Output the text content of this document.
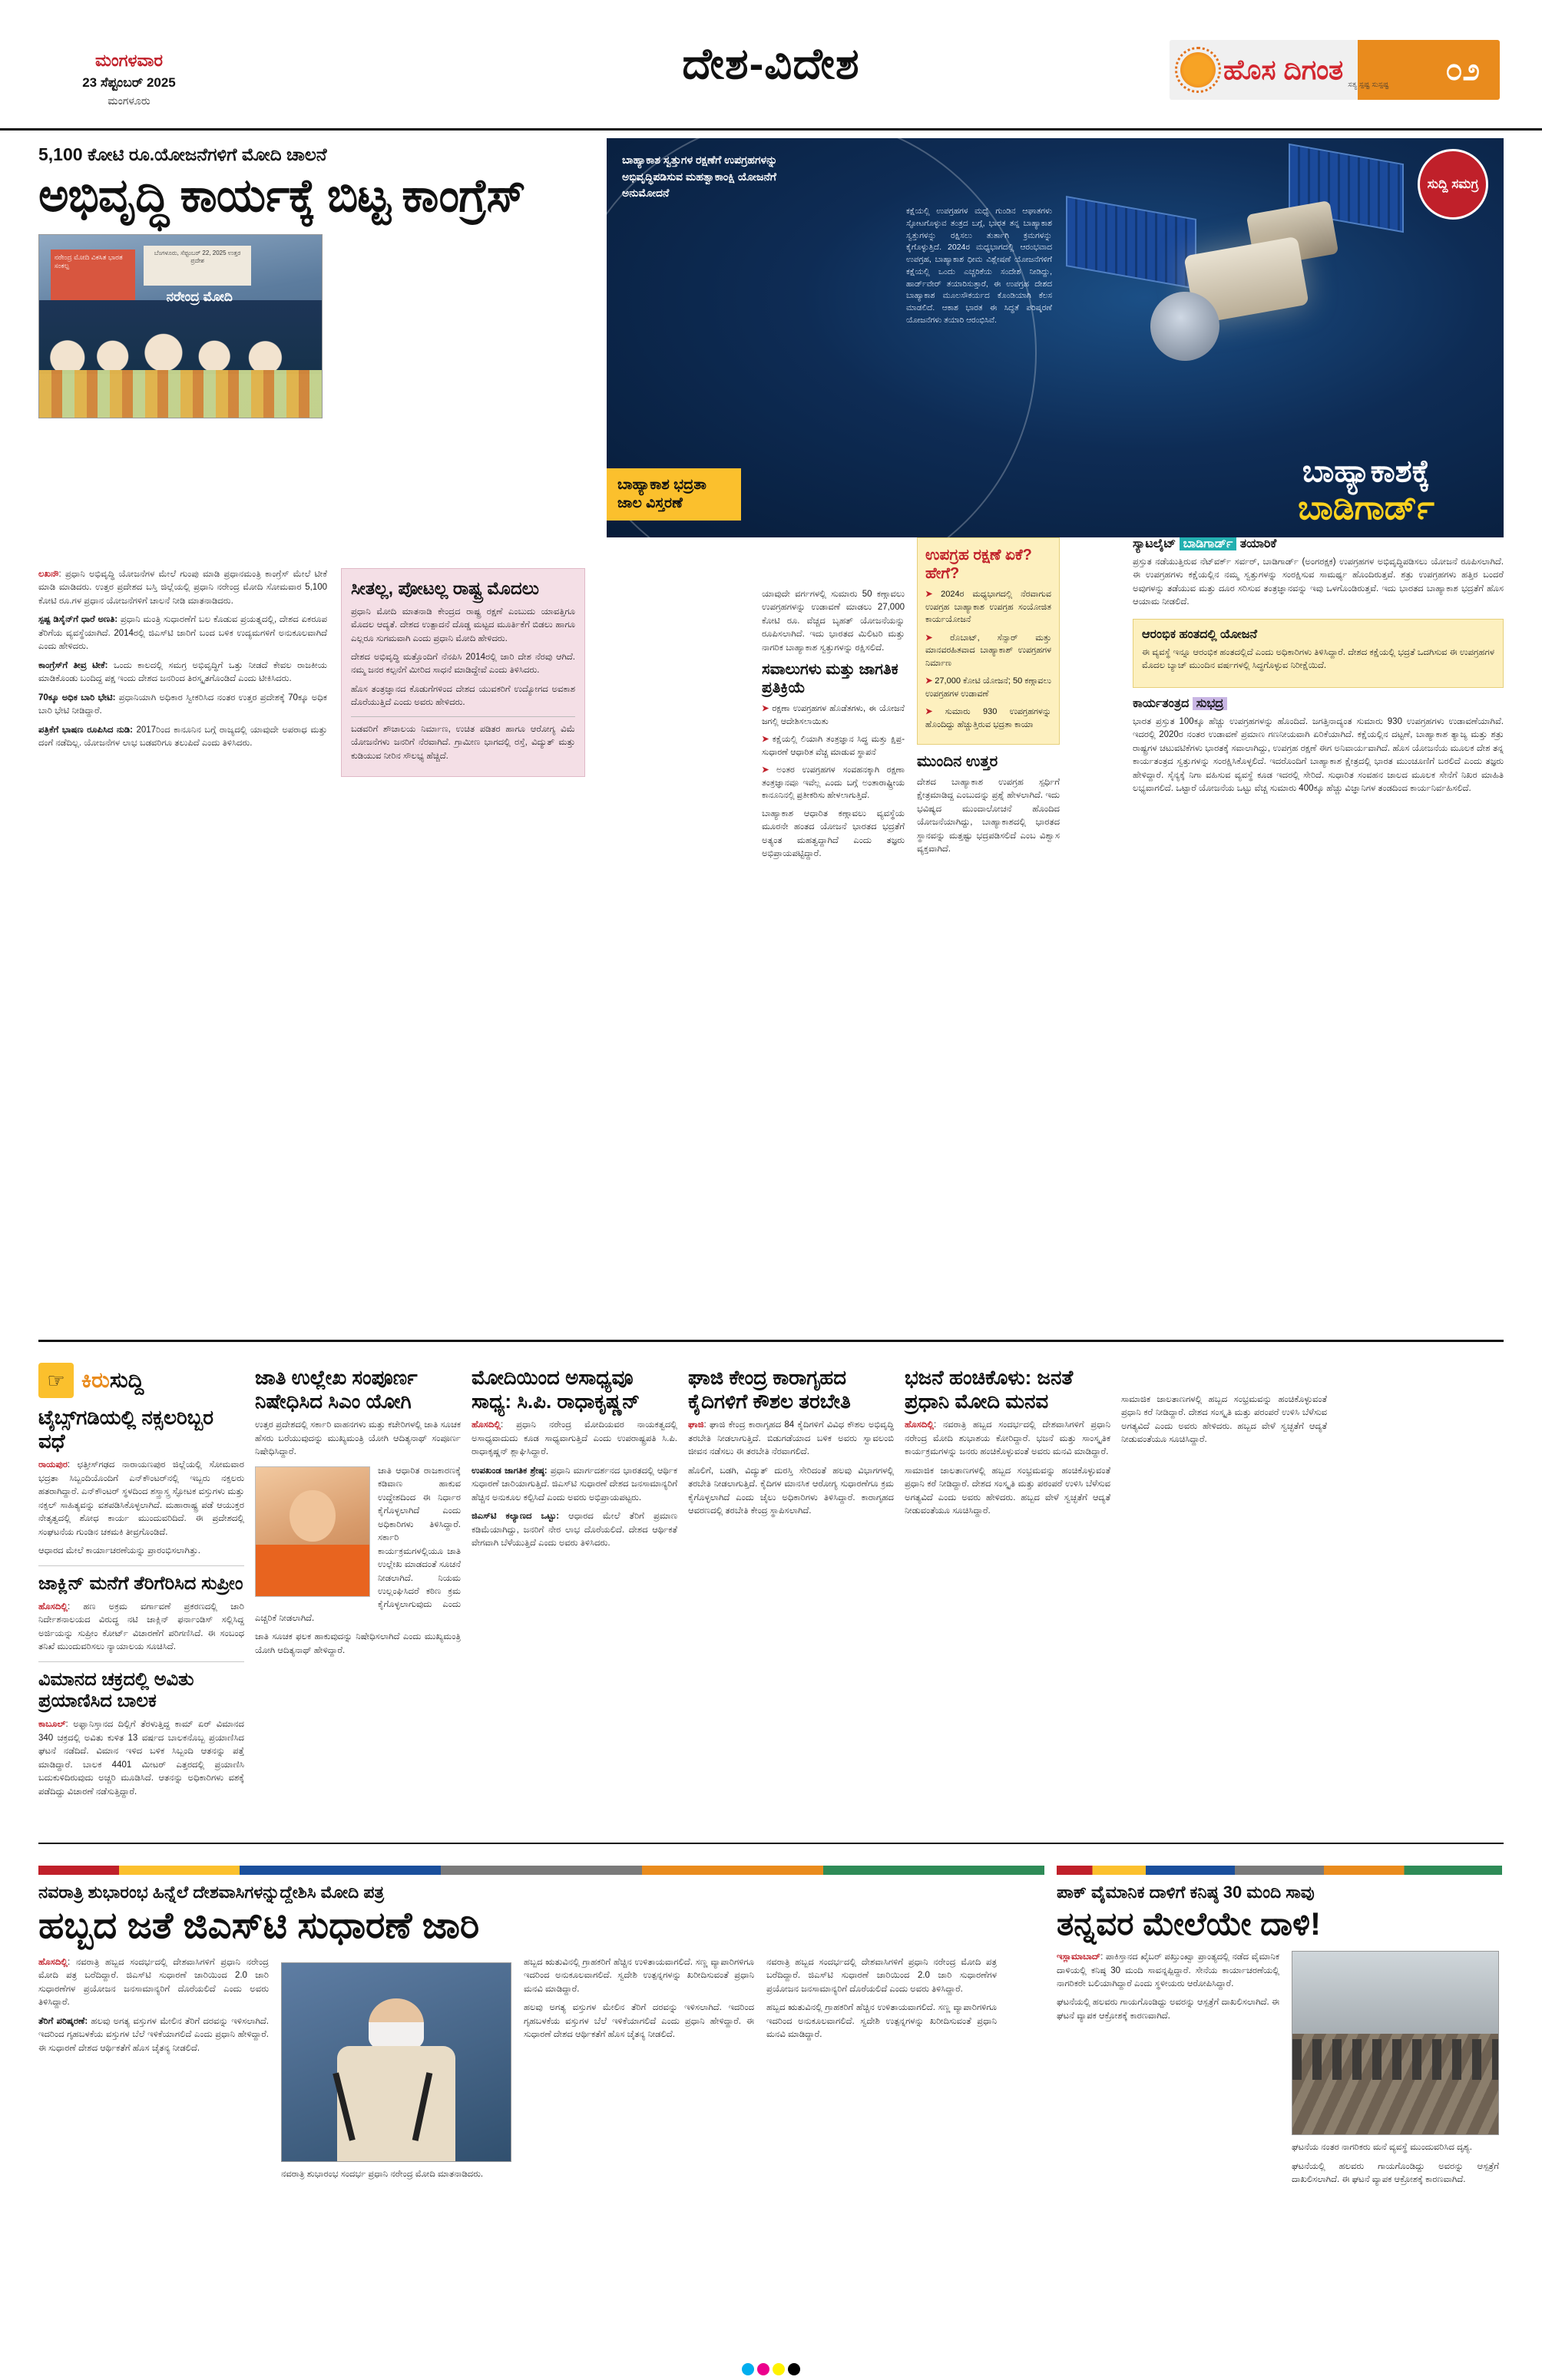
ಮಂಗಳವಾರ
23 ಸೆಪ್ಟಂಬರ್ 2025
ಮಂಗಳೂರು
ದೇಶ-ವಿದೇಶ	ಹೊಸ ದಿಗಂತ ಸತ್ಯ ಸ್ಪಷ್ಟ ಸುಸ್ಪಷ್ಟ ೦೨
5,100 ಕೋಟಿ ರೂ.ಯೋಜನೆಗಳಿಗೆ ಮೋದಿ ಚಾಲನೆ
ಅಭಿವೃದ್ಧಿ ಕಾರ್ಯಕ್ಕೆ ಬಿಟ್ಟ ಕಾಂಗ್ರೆಸ್
ನರೇಂದ್ರ ಮೋದಿ ವಿಕಸಿತ ಭಾರತ ಸಂಕಲ್ಪ
ಬೆಂಗಳೂರು, ಸೆಪ್ಟಂಬರ್ 22, 2025 ಉತ್ತರ ಪ್ರದೇಶ
ನರೇಂದ್ರ ಮೋದಿ

ಲಖನೌ: ಪ್ರಧಾನಿ ಅಭಿವೃದ್ಧಿ ಯೋಜನೆಗಳ ಮೇಲೆ ಗುಂಪು ಮಾಡಿ ಪ್ರಧಾನಮಂತ್ರಿ ಕಾಂಗ್ರೆಸ್ ಮೇಲೆ ಟೀಕೆ ಮಾಡಿ ಮಾಡಿದರು. ಉತ್ತರ ಪ್ರದೇಶದ ಬಸ್ತಿ ಜಿಲ್ಲೆಯಲ್ಲಿ ಪ್ರಧಾನಿ ನರೇಂದ್ರ ಮೋದಿ ಸೋಮವಾರ 5,100 ಕೋಟಿ ರೂ.ಗಳ ಪ್ರಧಾನ ಯೋಜನೆಗಳಿಗೆ ಚಾಲನೆ ನೀಡಿ ಮಾತನಾಡಿದರು.

ಸ್ಪಷ್ಟ ಡಿಸೈನ್‌ಗೆ ಧಾರೆ ಅಣತಿ: ಪ್ರಧಾನಿ ಮಂತ್ರಿ ಸುಧಾರಣೆಗೆ ಬಲ ಕೊಡುವ ಪ್ರಯತ್ನದಲ್ಲಿ, ದೇಶದ ಏಕರೂಪ ತೆರಿಗೆಯ ವ್ಯವಸ್ಥೆಯಾಗಿದೆ. 2014ರಲ್ಲಿ ಜಿಎಸ್‌ಟಿ ಜಾರಿಗೆ ಬಂದ ಬಳಿಕ ಉದ್ಯಮಗಳಿಗೆ ಅನುಕೂಲವಾಗಿದೆ ಎಂದು ಹೇಳಿದರು.

ಕಾಂಗ್ರೆಸ್‌ಗೆ ತೀವ್ರ ಟೀಕೆ: ಒಂದು ಕಾಲದಲ್ಲಿ ಸಮಗ್ರ ಅಭಿವೃದ್ಧಿಗೆ ಒತ್ತು ನೀಡದೆ ಕೇವಲ ರಾಜಕೀಯ ಮಾಡಿಕೊಂಡು ಬಂದಿದ್ದ ಪಕ್ಷ ಇಂದು ದೇಶದ ಜನರಿಂದ ತಿರಸ್ಕೃತಗೊಂಡಿದೆ ಎಂದು ಟೀಕಿಸಿದರು.

70ಕ್ಕೂ ಅಧಿಕ ಬಾರಿ ಭೇಟಿ: ಪ್ರಧಾನಿಯಾಗಿ ಅಧಿಕಾರ ಸ್ವೀಕರಿಸಿದ ನಂತರ ಉತ್ತರ ಪ್ರದೇಶಕ್ಕೆ 70ಕ್ಕೂ ಅಧಿಕ ಬಾರಿ ಭೇಟಿ ನೀಡಿದ್ದಾರೆ.

ಪತ್ರಿಕೆಗೆ ಭಾಷಣ ರೂಪಿಸಿದ ನುಡಿ: 2017ರಿಂದ ಕಾನೂನಿನ ಬಗ್ಗೆ ರಾಜ್ಯದಲ್ಲಿ ಯಾವುದೇ ಅಪರಾಧ ಮತ್ತು ದಂಗೆ ನಡೆದಿಲ್ಲ. ಯೋಜನೆಗಳ ಲಾಭ ಬಡವರಿಗೂ ತಲುಪಿದೆ ಎಂದು ತಿಳಿಸಿದರು.

ಸೀತಲ್ಲ, ಪೋಟಲ್ಲ ರಾಷ್ಟ್ರ ಮೊದಲು

ಪ್ರಧಾನಿ ಮೋದಿ ಮಾತನಾಡಿ ಕೇಂದ್ರದ ರಾಷ್ಟ್ರ ರಕ್ಷಣೆ ಎಂಬುದು ಯಾವತ್ತಿಗೂ ಮೊದಲ ಆದ್ಯತೆ. ದೇಶದ ಉತ್ಪಾದನೆ ದೊಡ್ಡ ಮಟ್ಟದ ಮೂರ್ತಿಕೆಗೆ ಬಿಡಲು ಹಾಗೂ ಎಲ್ಲರೂ ಸುಗಮವಾಗಿ ಎಂದು ಪ್ರಧಾನಿ ಮೋದಿ ಹೇಳಿದರು.

ದೇಶದ ಅಭಿವೃದ್ಧಿ ಮತ್ತೊಂದಿಗೆ ನೆನಪಿಸಿ 2014ರಲ್ಲಿ ಜಾರಿ ದೇಶ ನೆರವು ಆಗಿದೆ. ನಮ್ಮ ಜನರ ಕಲ್ಪನೆಗೆ ಮೀರಿದ ಸಾಧನೆ ಮಾಡಿದ್ದೇವೆ ಎಂದು ತಿಳಿಸಿದರು.

ಹೊಸ ತಂತ್ರಜ್ಞಾನದ ಕೊಡುಗೆಗಳಿಂದ ದೇಶದ ಯುವಕರಿಗೆ ಉದ್ಯೋಗದ ಅವಕಾಶ ದೊರೆಯುತ್ತಿದೆ ಎಂದು ಅವರು ಹೇಳಿದರು.

ಬಡವರಿಗೆ ಶೌಚಾಲಯ ನಿರ್ಮಾಣ, ಉಚಿತ ಪಡಿತರ ಹಾಗೂ ಆರೋಗ್ಯ ವಿಮೆ ಯೋಜನೆಗಳು ಜನರಿಗೆ ನೆರವಾಗಿದೆ. ಗ್ರಾಮೀಣ ಭಾಗದಲ್ಲಿ ರಸ್ತೆ, ವಿದ್ಯುತ್ ಮತ್ತು ಕುಡಿಯುವ ನೀರಿನ ಸೌಲಭ್ಯ ಹೆಚ್ಚಿದೆ.

ಬಾಹ್ಯಾಕಾಶ ಸ್ವತ್ತುಗಳ ರಕ್ಷಣೆಗೆ ಉಪಗ್ರಹಗಳನ್ನು ಅಭಿವೃದ್ಧಿಪಡಿಸುವ ಮಹತ್ವಾಕಾಂಕ್ಷಿ ಯೋಜನೆಗೆ ಅನುಮೋದನೆ
ಕಕ್ಷೆಯಲ್ಲಿ ಉಪಗ್ರಹಗಳ ಮಧ್ಯೆ ಗುಂಡಿನ ಆಘಾತಗಳು ಸ್ಫೋಟಗೊಳ್ಳುವ ತಂತ್ರದ ಬಗ್ಗೆ, ಭಾರತ ತನ್ನ ಬಾಹ್ಯಾಕಾಶ ಸ್ವತ್ತುಗಳನ್ನು ರಕ್ಷಿಸಲು ತುರ್ತಾಗಿ ಕ್ರಮಗಳನ್ನು ಕೈಗೊಳ್ಳುತ್ತಿದೆ. 2024ರ ಮಧ್ಯಭಾಗದಲ್ಲಿ ಆರಂಭವಾದ ಉಪಗ್ರಹ, ಬಾಹ್ಯಾಕಾಶ ಧೀಮ ವಿಶ್ಲೇಷಣೆ ಯೋಜನೆಗಳಿಗೆ ಕಕ್ಷೆಯಲ್ಲಿ ಒಂದು ಎಚ್ಚರಿಕೆಯ ಸಂದೇಶ ನೀಡಿದ್ದು, ಹಾರ್ಡ್‌ವೇರ್ ತಯಾರಿಸುತ್ತಾರೆ, ಈ ಉಪಗ್ರಹ ದೇಶದ ಬಾಹ್ಯಾಕಾಶ ಮೂಲಸೌಕರ್ಯದ ಕೊಂಡಿಯಾಗಿ ಕೆಲಸ ಮಾಡಲಿದೆ. ಆಕಾಶ ಭಾರತ ಈ ಸಿದ್ಧತೆ ಪರಿಷ್ಕರಣೆ ಯೋಜನೆಗಳು ತಯಾರಿ ಆರಂಭಿಸಿವೆ.
ಸುದ್ದಿ ಸಮಗ್ರ
ಬಾಹ್ಯಾಕಾಶಕ್ಕೆ
ಬಾಡಿಗಾರ್ಡ್
ಬಾಹ್ಯಾಕಾಶ ಭದ್ರತಾ ಜಾಲ ವಿಸ್ತರಣೆ

ಯಾವುದೇ ವರ್ಗಗಳಲ್ಲಿ ಸುಮಾರು 50 ಕಣ್ಗಾವಲು ಉಪಗ್ರಹಗಳನ್ನು ಉಡಾವಣೆ ಮಾಡಲು 27,000 ಕೋಟಿ ರೂ. ವೆಚ್ಚದ ಬೃಹತ್ ಯೋಜನೆಯನ್ನು ರೂಪಿಸಲಾಗಿದೆ. ಇದು ಭಾರತದ ಮಿಲಿಟರಿ ಮತ್ತು ನಾಗರಿಕ ಬಾಹ್ಯಾಕಾಶ ಸ್ವತ್ತುಗಳನ್ನು ರಕ್ಷಿಸಲಿದೆ.

ಸವಾಲುಗಳು ಮತ್ತು ಜಾಗತಿಕ ಪ್ರತಿಕ್ರಿಯೆ
➤ ರಕ್ಷಣಾ ಉಪಗ್ರಹಗಳ ಹೊಡೆತಗಳು, ಈ ಯೋಜನೆ ಜಗಲ್ಲಿ ಆದೇಶಿಸಲಾಯಿತು
➤ ಕಕ್ಷೆಯಲ್ಲಿ ಲಿಯಾಗಿ ತಂತ್ರಜ್ಞಾನ ಸಿದ್ಧ ಮತ್ತು ಕ್ಷಿಪ್ರ-ಸುಧಾರಣೆ ಆಧಾರಿತ ವೆಚ್ಚ ಮಾಡುವ ಸ್ಥಾಪನೆ
➤ ಅಂತರ ಉಪಗ್ರಹಗಳ ಸಂವಹನಕ್ಕಾಗಿ ರಕ್ಷಣಾ ತಂತ್ರಜ್ಞಾನವೂ ಇವೆಲ್ಲ ಎಂದು ಬಗ್ಗೆ ಅಂತಾರಾಷ್ಟ್ರೀಯ ಕಾನೂನಿನಲ್ಲಿ ಪ್ರತೀಕರಿಸು ಹೇಳಲಾಗುತ್ತಿದೆ.

ಬಾಹ್ಯಾಕಾಶ ಆಧಾರಿತ ಕಣ್ಗಾವಲು ವ್ಯವಸ್ಥೆಯ ಮೂರನೇ ಹಂತದ ಯೋಜನೆ ಭಾರತದ ಭದ್ರತೆಗೆ ಅತ್ಯಂತ ಮಹತ್ವದ್ದಾಗಿದೆ ಎಂದು ತಜ್ಞರು ಅಭಿಪ್ರಾಯಪಟ್ಟಿದ್ದಾರೆ.

ಉಪಗ್ರಹ ರಕ್ಷಣೆ ಏಕೆ? ಹೇಗೆ?
➤ 2024ರ ಮಧ್ಯಭಾಗದಲ್ಲಿ ನೆರವಾಗುವ ಉಪಗ್ರಹ ಬಾಹ್ಯಾಕಾಶ ಉಪಗ್ರಹ ಸಂಯೋಜಿತ ಕಾರ್ಯಯೋಜನೆ
➤ ರೊಬಾಟ್, ಸೆನ್ಸಾರ್ ಮತ್ತು ಮಾನವರಹಿತವಾದ ಬಾಹ್ಯಾಕಾಶ್ ಉಪಗ್ರಹಗಳ ನಿರ್ಮಾಣ
➤ 27,000 ಕೋಟಿ ಯೋಜನೆ; 50 ಕಣ್ಗಾವಲು ಉಪಗ್ರಹಗಳ ಉಡಾವಣೆ
➤ ಸುಮಾರು 930 ಉಪಗ್ರಹಗಳನ್ನು ಹೊಂದಿದ್ದು ಹೆಚ್ಚುತ್ತಿರುವ ಭದ್ರತಾ ಕಾಯಾ
ಮುಂದಿನ ಉತ್ತರ

ದೇಶದ ಬಾಹ್ಯಾಕಾಶ ಉಪಗ್ರಹ ಸ್ಪರ್ಧಿಗೆ ಕ್ಷೇತ್ರಮಾಡಿದ್ದ ಎಂಬುದನ್ನು ಪ್ರಶ್ನೆ ಹೇಳಲಾಗಿದೆ. ಇದು ಭವಿಷ್ಯದ ಮುಂದಾಲೋಚನೆ ಹೊಂದಿದ ಯೋಜನೆಯಾಗಿದ್ದು, ಬಾಹ್ಯಾಕಾಶದಲ್ಲಿ ಭಾರತದ ಸ್ಥಾನವನ್ನು ಮತ್ತಷ್ಟು ಭದ್ರಪಡಿಸಲಿದೆ ಎಂಬ ವಿಶ್ವಾಸ ವ್ಯಕ್ತವಾಗಿದೆ.

ಸ್ಯಾಟಲೈಟ್ ಬಾಡಿಗಾರ್ಡ್ ತಯಾರಿಕೆ

ಪ್ರಸ್ತುತ ನಡೆಯುತ್ತಿರುವ ನೆಟ್‌ವರ್ಕ್ ಸರ್ವರ್, ಬಾಡಿಗಾರ್ಡ್ (ಅಂಗರಕ್ಷಕ) ಉಪಗ್ರಹಗಳ ಅಭಿವೃದ್ಧಿಪಡಿಸಲು ಯೋಜನೆ ರೂಪಿಸಲಾಗಿದೆ. ಈ ಉಪಗ್ರಹಗಳು ಕಕ್ಷೆಯಲ್ಲಿನ ನಮ್ಮ ಸ್ವತ್ತುಗಳನ್ನು ಸಂರಕ್ಷಿಸುವ ಸಾಮರ್ಥ್ಯ ಹೊಂದಿರುತ್ತವೆ. ಶತ್ರು ಉಪಗ್ರಹಗಳು ಹತ್ತಿರ ಬಂದರೆ ಅವುಗಳನ್ನು ತಡೆಯುವ ಮತ್ತು ದೂರ ಸರಿಸುವ ತಂತ್ರಜ್ಞಾನವನ್ನು ಇವು ಒಳಗೊಂಡಿರುತ್ತವೆ. ಇದು ಭಾರತದ ಬಾಹ್ಯಾಕಾಶ ಭದ್ರತೆಗೆ ಹೊಸ ಆಯಾಮ ನೀಡಲಿದೆ.

ಆರಂಭಿಕ ಹಂತದಲ್ಲಿ ಯೋಜನೆ

ಈ ವ್ಯವಸ್ಥೆ ಇನ್ನೂ ಆರಂಭಿಕ ಹಂತದಲ್ಲಿದೆ ಎಂದು ಅಧಿಕಾರಿಗಳು ತಿಳಿಸಿದ್ದಾರೆ. ದೇಶದ ಕಕ್ಷೆಯಲ್ಲಿ ಭದ್ರತೆ ಒದಗಿಸುವ ಈ ಉಪಗ್ರಹಗಳ ಮೊದಲ ಬ್ಯಾಚ್ ಮುಂದಿನ ವರ್ಷಗಳಲ್ಲಿ ಸಿದ್ಧಗೊಳ್ಳುವ ನಿರೀಕ್ಷೆಯಿದೆ.

ಕಾರ್ಯತಂತ್ರದ ಸುಭದ್ರ

ಭಾರತ ಪ್ರಸ್ತುತ 100ಕ್ಕೂ ಹೆಚ್ಚು ಉಪಗ್ರಹಗಳನ್ನು ಹೊಂದಿದೆ. ಜಗತ್ತಿನಾದ್ಯಂತ ಸುಮಾರು 930 ಉಪಗ್ರಹಗಳು ಉಡಾವಣೆಯಾಗಿವೆ. ಇದರಲ್ಲಿ 2020ರ ನಂತರ ಉಡಾವಣೆ ಪ್ರಮಾಣ ಗಣನೀಯವಾಗಿ ಏರಿಕೆಯಾಗಿದೆ. ಕಕ್ಷೆಯಲ್ಲಿನ ದಟ್ಟಣೆ, ಬಾಹ್ಯಾಕಾಶ ತ್ಯಾಜ್ಯ ಮತ್ತು ಶತ್ರು ರಾಷ್ಟ್ರಗಳ ಚಟುವಟಿಕೆಗಳು ಭಾರತಕ್ಕೆ ಸವಾಲಾಗಿದ್ದು, ಉಪಗ್ರಹ ರಕ್ಷಣೆ ಈಗ ಅನಿವಾರ್ಯವಾಗಿದೆ. ಹೊಸ ಯೋಜನೆಯ ಮೂಲಕ ದೇಶ ತನ್ನ ಕಾರ್ಯತಂತ್ರದ ಸ್ವತ್ತುಗಳನ್ನು ಸಂರಕ್ಷಿಸಿಕೊಳ್ಳಲಿದೆ. ಇದರೊಂದಿಗೆ ಬಾಹ್ಯಾಕಾಶ ಕ್ಷೇತ್ರದಲ್ಲಿ ಭಾರತ ಮುಂಚೂಣಿಗೆ ಬರಲಿದೆ ಎಂದು ತಜ್ಞರು ಹೇಳಿದ್ದಾರೆ. ಸೈನ್ಯಕ್ಕೆ ನಿಗಾ ವಹಿಸುವ ವ್ಯವಸ್ಥೆ ಕೂಡ ಇದರಲ್ಲಿ ಸೇರಿದೆ. ಸುಧಾರಿತ ಸಂವಹನ ಜಾಲದ ಮೂಲಕ ಸೇನೆಗೆ ನಿಖರ ಮಾಹಿತಿ ಲಭ್ಯವಾಗಲಿದೆ. ಒಟ್ಟಾರೆ ಯೋಜನೆಯ ಒಟ್ಟು ವೆಚ್ಚ ಸುಮಾರು 400ಕ್ಕೂ ಹೆಚ್ಚು ವಿಜ್ಞಾನಿಗಳ ತಂಡದಿಂದ ಕಾರ್ಯನಿರ್ವಹಿಸಲಿದೆ.

☞ ಕಿರುಸುದ್ದಿ
ಟೈಬ್ಸ್‌ಗಡಿಯಲ್ಲಿ ನಕ್ಸಲರಿಬ್ಬರ ವಧೆ

ರಾಯಪುರ: ಛತ್ತೀಸ್‌ಗಢದ ನಾರಾಯಣಪುರ ಜಿಲ್ಲೆಯಲ್ಲಿ ಸೋಮವಾರ ಭದ್ರತಾ ಸಿಬ್ಬಂದಿಯೊಂದಿಗೆ ಎನ್‌ಕೌಂಟರ್‌ನಲ್ಲಿ ಇಬ್ಬರು ನಕ್ಸಲರು ಹತರಾಗಿದ್ದಾರೆ. ಎನ್‌ಕೌಂಟರ್ ಸ್ಥಳದಿಂದ ಶಸ್ತ್ರಾಸ್ತ್ರ ಸ್ಫೋಟಕ ವಸ್ತುಗಳು ಮತ್ತು ನಕ್ಸಲ್ ಸಾಹಿತ್ಯವನ್ನು ವಶಪಡಿಸಿಕೊಳ್ಳಲಾಗಿದೆ. ಮಹಾರಾಷ್ಟ್ರ ಪಡೆ ಆಯುಕ್ತರ ನೇತೃತ್ವದಲ್ಲಿ ಶೋಧ ಕಾರ್ಯ ಮುಂದುವರಿದಿದೆ. ಈ ಪ್ರದೇಶದಲ್ಲಿ ಸಂಘಟನೆಯ ಗುಂಡಿನ ಚಕಮಕಿ ತೀವ್ರಗೊಂಡಿದೆ.

ಆಧಾರದ ಮೇಲೆ ಕಾರ್ಯಾಚರಣೆಯನ್ನು ಪ್ರಾರಂಭಿಸಲಾಗಿತ್ತು.

ಜಾಕ್ಲಿನ್ ಮನೆಗೆ ತೆರಿಗೆರಿಸಿದ ಸುಪ್ರೀಂ

ಹೊಸದಿಲ್ಲಿ: ಹಣ ಅಕ್ರಮ ವರ್ಗಾವಣೆ ಪ್ರಕರಣದಲ್ಲಿ ಜಾರಿ ನಿರ್ದೇಶನಾಲಯದ ವಿರುದ್ಧ ನಟಿ ಜಾಕ್ಲಿನ್ ಫರ್ನಾಂಡಿಸ್ ಸಲ್ಲಿಸಿದ್ದ ಅರ್ಜಿಯನ್ನು ಸುಪ್ರೀಂ ಕೋರ್ಟ್ ವಿಚಾರಣೆಗೆ ಪರಿಗಣಿಸಿದೆ. ಈ ಸಂಬಂಧ ತನಿಖೆ ಮುಂದುವರಿಸಲು ನ್ಯಾಯಾಲಯ ಸೂಚಿಸಿದೆ.

ವಿಮಾನದ ಚಕ್ರದಲ್ಲಿ ಅವಿತು ಪ್ರಯಾಣಿಸಿದ ಬಾಲಕ

ಕಾಬೂಲ್: ಅಫ್ಘಾನಿಸ್ತಾನದ ದಿಲ್ಲಿಗೆ ತೆರಳುತ್ತಿದ್ದ ಕಾಮ್ ಏರ್ ವಿಮಾನದ 340 ಚಕ್ರದಲ್ಲಿ ಅವಿತು ಕುಳಿತ 13 ವರ್ಷದ ಬಾಲಕನೊಬ್ಬ ಪ್ರಯಾಣಿಸಿದ ಘಟನೆ ನಡೆದಿದೆ. ವಿಮಾನ ಇಳಿದ ಬಳಿಕ ಸಿಬ್ಬಂದಿ ಆತನನ್ನು ಪತ್ತೆ ಮಾಡಿದ್ದಾರೆ. ಬಾಲಕ 4401 ಮೀಟರ್ ಎತ್ತರದಲ್ಲಿ ಪ್ರಯಾಣಿಸಿ ಬದುಕುಳಿದಿರುವುದು ಅಚ್ಚರಿ ಮೂಡಿಸಿದೆ. ಆತನನ್ನು ಅಧಿಕಾರಿಗಳು ವಶಕ್ಕೆ ಪಡೆದಿದ್ದು ವಿಚಾರಣೆ ನಡೆಸುತ್ತಿದ್ದಾರೆ.

ಜಾತಿ ಉಲ್ಲೇಖ ಸಂಪೂರ್ಣ ನಿಷೇಧಿಸಿದ ಸಿಎಂ ಯೋಗಿ

ಉತ್ತರ ಪ್ರದೇಶದಲ್ಲಿ ಸರ್ಕಾರಿ ವಾಹನಗಳು ಮತ್ತು ಕಚೇರಿಗಳಲ್ಲಿ ಜಾತಿ ಸೂಚಕ ಹೆಸರು ಬರೆಯುವುದನ್ನು ಮುಖ್ಯಮಂತ್ರಿ ಯೋಗಿ ಆದಿತ್ಯನಾಥ್ ಸಂಪೂರ್ಣ ನಿಷೇಧಿಸಿದ್ದಾರೆ.

ಜಾತಿ ಆಧಾರಿತ ರಾಜಕಾರಣಕ್ಕೆ ಕಡಿವಾಣ ಹಾಕುವ ಉದ್ದೇಶದಿಂದ ಈ ನಿರ್ಧಾರ ಕೈಗೊಳ್ಳಲಾಗಿದೆ ಎಂದು ಅಧಿಕಾರಿಗಳು ತಿಳಿಸಿದ್ದಾರೆ. ಸರ್ಕಾರಿ ಕಾರ್ಯಕ್ರಮಗಳಲ್ಲಿಯೂ ಜಾತಿ ಉಲ್ಲೇಖ ಮಾಡದಂತೆ ಸೂಚನೆ ನೀಡಲಾಗಿದೆ. ನಿಯಮ ಉಲ್ಲಂಘಿಸಿದರೆ ಕಠಿಣ ಕ್ರಮ ಕೈಗೊಳ್ಳಲಾಗುವುದು ಎಂದು ಎಚ್ಚರಿಕೆ ನೀಡಲಾಗಿದೆ.

ಜಾತಿ ಸೂಚಕ ಫಲಕ ಹಾಕುವುದನ್ನು ನಿಷೇಧಿಸಲಾಗಿದೆ ಎಂದು ಮುಖ್ಯಮಂತ್ರಿ ಯೋಗಿ ಆದಿತ್ಯನಾಥ್ ಹೇಳಿದ್ದಾರೆ.

ಮೋದಿಯಿಂದ ಅಸಾಧ್ಯವೂ ಸಾಧ್ಯ: ಸಿ.ಪಿ. ರಾಧಾಕೃಷ್ಣನ್

ಹೊಸದಿಲ್ಲಿ: ಪ್ರಧಾನಿ ನರೇಂದ್ರ ಮೋದಿಯವರ ನಾಯಕತ್ವದಲ್ಲಿ ಅಸಾಧ್ಯವಾದುದು ಕೂಡ ಸಾಧ್ಯವಾಗುತ್ತಿದೆ ಎಂದು ಉಪರಾಷ್ಟ್ರಪತಿ ಸಿ.ಪಿ. ರಾಧಾಕೃಷ್ಣನ್ ಶ್ಲಾಘಿಸಿದ್ದಾರೆ.

ಉಪಖಂಡ ಜಾಗತಿಕ ಶ್ರೇಷ್ಠ: ಪ್ರಧಾನಿ ಮಾರ್ಗದರ್ಶನದ ಭಾರತದಲ್ಲಿ ಆರ್ಥಿಕ ಸುಧಾರಣೆ ಜಾರಿಯಾಗುತ್ತಿದೆ. ಜಿಎಸ್‌ಟಿ ಸುಧಾರಣೆ ದೇಶದ ಜನಸಾಮಾನ್ಯರಿಗೆ ಹೆಚ್ಚಿನ ಅನುಕೂಲ ಕಲ್ಪಿಸಿದೆ ಎಂದು ಅವರು ಅಭಿಪ್ರಾಯಪಟ್ಟರು.

ಜಿಎಸ್‌ಟಿ ಕಲ್ಯಾಣದ ಒಟ್ಟು: ಆಧಾರದ ಮೇಲೆ ತೆರಿಗೆ ಪ್ರಮಾಣ ಕಡಿಮೆಯಾಗಿದ್ದು, ಜನರಿಗೆ ನೇರ ಲಾಭ ದೊರೆಯಲಿದೆ. ದೇಶದ ಆರ್ಥಿಕತೆ ವೇಗವಾಗಿ ಬೆಳೆಯುತ್ತಿದೆ ಎಂದು ಅವರು ತಿಳಿಸಿದರು.

ಘಾಜಿ ಕೇಂದ್ರ ಕಾರಾಗೃಹದ ಕೈದಿಗಳಿಗೆ ಕೌಶಲ ತರಬೇತಿ

ಘಾಜಿ: ಘಾಜಿ ಕೇಂದ್ರ ಕಾರಾಗೃಹದ 84 ಕೈದಿಗಳಿಗೆ ವಿವಿಧ ಕೌಶಲ ಅಭಿವೃದ್ಧಿ ತರಬೇತಿ ನೀಡಲಾಗುತ್ತಿದೆ. ಬಿಡುಗಡೆಯಾದ ಬಳಿಕ ಅವರು ಸ್ವಾವಲಂಬಿ ಜೀವನ ನಡೆಸಲು ಈ ತರಬೇತಿ ನೆರವಾಗಲಿದೆ.

ಹೊಲಿಗೆ, ಬಡಗಿ, ವಿದ್ಯುತ್ ದುರಸ್ತಿ ಸೇರಿದಂತೆ ಹಲವು ವಿಭಾಗಗಳಲ್ಲಿ ತರಬೇತಿ ನೀಡಲಾಗುತ್ತಿದೆ. ಕೈದಿಗಳ ಮಾನಸಿಕ ಆರೋಗ್ಯ ಸುಧಾರಣೆಗೂ ಕ್ರಮ ಕೈಗೊಳ್ಳಲಾಗಿದೆ ಎಂದು ಜೈಲು ಅಧಿಕಾರಿಗಳು ತಿಳಿಸಿದ್ದಾರೆ. ಕಾರಾಗೃಹದ ಆವರಣದಲ್ಲಿ ತರಬೇತಿ ಕೇಂದ್ರ ಸ್ಥಾಪಿಸಲಾಗಿದೆ.

ಭಜನೆ ಹಂಚಿಕೊಳು: ಜನತೆ ಪ್ರಧಾನಿ ಮೋದಿ ಮನವ

ಹೊಸದಿಲ್ಲಿ: ನವರಾತ್ರಿ ಹಬ್ಬದ ಸಂದರ್ಭದಲ್ಲಿ ದೇಶವಾಸಿಗಳಿಗೆ ಪ್ರಧಾನಿ ನರೇಂದ್ರ ಮೋದಿ ಶುಭಾಶಯ ಕೋರಿದ್ದಾರೆ. ಭಜನೆ ಮತ್ತು ಸಾಂಸ್ಕೃತಿಕ ಕಾರ್ಯಕ್ರಮಗಳನ್ನು ಜನರು ಹಂಚಿಕೊಳ್ಳುವಂತೆ ಅವರು ಮನವಿ ಮಾಡಿದ್ದಾರೆ.

ಸಾಮಾಜಿಕ ಜಾಲತಾಣಗಳಲ್ಲಿ ಹಬ್ಬದ ಸಂಭ್ರಮವನ್ನು ಹಂಚಿಕೊಳ್ಳುವಂತೆ ಪ್ರಧಾನಿ ಕರೆ ನೀಡಿದ್ದಾರೆ. ದೇಶದ ಸಂಸ್ಕೃತಿ ಮತ್ತು ಪರಂಪರೆ ಉಳಿಸಿ ಬೆಳೆಸುವ ಅಗತ್ಯವಿದೆ ಎಂದು ಅವರು ಹೇಳಿದರು. ಹಬ್ಬದ ವೇಳೆ ಸ್ವಚ್ಛತೆಗೆ ಆದ್ಯತೆ ನೀಡುವಂತೆಯೂ ಸೂಚಿಸಿದ್ದಾರೆ.

ಸಾಮಾಜಿಕ ಜಾಲತಾಣಗಳಲ್ಲಿ ಹಬ್ಬದ ಸಂಭ್ರಮವನ್ನು ಹಂಚಿಕೊಳ್ಳುವಂತೆ ಪ್ರಧಾನಿ ಕರೆ ನೀಡಿದ್ದಾರೆ. ದೇಶದ ಸಂಸ್ಕೃತಿ ಮತ್ತು ಪರಂಪರೆ ಉಳಿಸಿ ಬೆಳೆಸುವ ಅಗತ್ಯವಿದೆ ಎಂದು ಅವರು ಹೇಳಿದರು. ಹಬ್ಬದ ವೇಳೆ ಸ್ವಚ್ಛತೆಗೆ ಆದ್ಯತೆ ನೀಡುವಂತೆಯೂ ಸೂಚಿಸಿದ್ದಾರೆ.

ನವರಾತ್ರಿ ಶುಭಾರಂಭ ಹಿನ್ನೆಲೆ ದೇಶವಾಸಿಗಳನ್ನುದ್ದೇಶಿಸಿ ಮೋದಿ ಪತ್ರ
ಹಬ್ಬದ ಜತೆ ಜಿಎಸ್‌ಟಿ ಸುಧಾರಣೆ ಜಾರಿ

ಹೊಸದಿಲ್ಲಿ: ನವರಾತ್ರಿ ಹಬ್ಬದ ಸಂದರ್ಭದಲ್ಲಿ ದೇಶವಾಸಿಗಳಿಗೆ ಪ್ರಧಾನಿ ನರೇಂದ್ರ ಮೋದಿ ಪತ್ರ ಬರೆದಿದ್ದಾರೆ. ಜಿಎಸ್‌ಟಿ ಸುಧಾರಣೆ ಜಾರಿಯಿಂದ 2.0 ಜಾರಿ ಸುಧಾರಣೆಗಳ ಪ್ರಯೋಜನ ಜನಸಾಮಾನ್ಯರಿಗೆ ದೊರೆಯಲಿದೆ ಎಂದು ಅವರು ತಿಳಿಸಿದ್ದಾರೆ.

ತೆರಿಗೆ ಪರಿಷ್ಕರಣೆ: ಹಲವು ಅಗತ್ಯ ವಸ್ತುಗಳ ಮೇಲಿನ ತೆರಿಗೆ ದರವನ್ನು ಇಳಿಸಲಾಗಿದೆ. ಇದರಿಂದ ಗೃಹಬಳಕೆಯ ವಸ್ತುಗಳ ಬೆಲೆ ಇಳಿಕೆಯಾಗಲಿದೆ ಎಂದು ಪ್ರಧಾನಿ ಹೇಳಿದ್ದಾರೆ. ಈ ಸುಧಾರಣೆ ದೇಶದ ಆರ್ಥಿಕತೆಗೆ ಹೊಸ ಚೈತನ್ಯ ನೀಡಲಿದೆ.

ನವರಾತ್ರಿ ಶುಭಾರಂಭ ಸಂದರ್ಭ ಪ್ರಧಾನಿ ನರೇಂದ್ರ ಮೋದಿ ಮಾತನಾಡಿದರು.

ಹಬ್ಬದ ಋತುವಿನಲ್ಲಿ ಗ್ರಾಹಕರಿಗೆ ಹೆಚ್ಚಿನ ಉಳಿತಾಯವಾಗಲಿದೆ. ಸಣ್ಣ ವ್ಯಾಪಾರಿಗಳಿಗೂ ಇದರಿಂದ ಅನುಕೂಲವಾಗಲಿದೆ. ಸ್ವದೇಶಿ ಉತ್ಪನ್ನಗಳನ್ನು ಖರೀದಿಸುವಂತೆ ಪ್ರಧಾನಿ ಮನವಿ ಮಾಡಿದ್ದಾರೆ.

ಹಲವು ಅಗತ್ಯ ವಸ್ತುಗಳ ಮೇಲಿನ ತೆರಿಗೆ ದರವನ್ನು ಇಳಿಸಲಾಗಿದೆ. ಇದರಿಂದ ಗೃಹಬಳಕೆಯ ವಸ್ತುಗಳ ಬೆಲೆ ಇಳಿಕೆಯಾಗಲಿದೆ ಎಂದು ಪ್ರಧಾನಿ ಹೇಳಿದ್ದಾರೆ. ಈ ಸುಧಾರಣೆ ದೇಶದ ಆರ್ಥಿಕತೆಗೆ ಹೊಸ ಚೈತನ್ಯ ನೀಡಲಿದೆ.

ನವರಾತ್ರಿ ಹಬ್ಬದ ಸಂದರ್ಭದಲ್ಲಿ ದೇಶವಾಸಿಗಳಿಗೆ ಪ್ರಧಾನಿ ನರೇಂದ್ರ ಮೋದಿ ಪತ್ರ ಬರೆದಿದ್ದಾರೆ. ಜಿಎಸ್‌ಟಿ ಸುಧಾರಣೆ ಜಾರಿಯಿಂದ 2.0 ಜಾರಿ ಸುಧಾರಣೆಗಳ ಪ್ರಯೋಜನ ಜನಸಾಮಾನ್ಯರಿಗೆ ದೊರೆಯಲಿದೆ ಎಂದು ಅವರು ತಿಳಿಸಿದ್ದಾರೆ.

ಹಬ್ಬದ ಋತುವಿನಲ್ಲಿ ಗ್ರಾಹಕರಿಗೆ ಹೆಚ್ಚಿನ ಉಳಿತಾಯವಾಗಲಿದೆ. ಸಣ್ಣ ವ್ಯಾಪಾರಿಗಳಿಗೂ ಇದರಿಂದ ಅನುಕೂಲವಾಗಲಿದೆ. ಸ್ವದೇಶಿ ಉತ್ಪನ್ನಗಳನ್ನು ಖರೀದಿಸುವಂತೆ ಪ್ರಧಾನಿ ಮನವಿ ಮಾಡಿದ್ದಾರೆ.

ಪಾಕ್ ವೈಮಾನಿಕ ದಾಳಿಗೆ ಕನಿಷ್ಠ 30 ಮಂದಿ ಸಾವು
ತನ್ನವರ ಮೇಲೆಯೇ ದಾಳಿ!

ಇಸ್ಲಾಮಾಬಾದ್: ಪಾಕಿಸ್ತಾನದ ಖೈಬರ್ ಪಖ್ತುಂಖ್ವಾ ಪ್ರಾಂತ್ಯದಲ್ಲಿ ನಡೆದ ವೈಮಾನಿಕ ದಾಳಿಯಲ್ಲಿ ಕನಿಷ್ಠ 30 ಮಂದಿ ಸಾವನ್ನಪ್ಪಿದ್ದಾರೆ. ಸೇನೆಯ ಕಾರ್ಯಾಚರಣೆಯಲ್ಲಿ ನಾಗರಿಕರೇ ಬಲಿಯಾಗಿದ್ದಾರೆ ಎಂದು ಸ್ಥಳೀಯರು ಆರೋಪಿಸಿದ್ದಾರೆ.

ಘಟನೆಯಲ್ಲಿ ಹಲವರು ಗಾಯಗೊಂಡಿದ್ದು ಅವರನ್ನು ಆಸ್ಪತ್ರೆಗೆ ದಾಖಲಿಸಲಾಗಿದೆ. ಈ ಘಟನೆ ವ್ಯಾಪಕ ಆಕ್ರೋಶಕ್ಕೆ ಕಾರಣವಾಗಿದೆ.

ಘಟನೆಯ ನಂತರ ನಾಗರಿಕರು ಮನೆ ವ್ಯವಸ್ಥೆ ಮುಂದುವರಿಸಿದ ದೃಶ್ಯ.

ಘಟನೆಯಲ್ಲಿ ಹಲವರು ಗಾಯಗೊಂಡಿದ್ದು ಅವರನ್ನು ಆಸ್ಪತ್ರೆಗೆ ದಾಖಲಿಸಲಾಗಿದೆ. ಈ ಘಟನೆ ವ್ಯಾಪಕ ಆಕ್ರೋಶಕ್ಕೆ ಕಾರಣವಾಗಿದೆ.
